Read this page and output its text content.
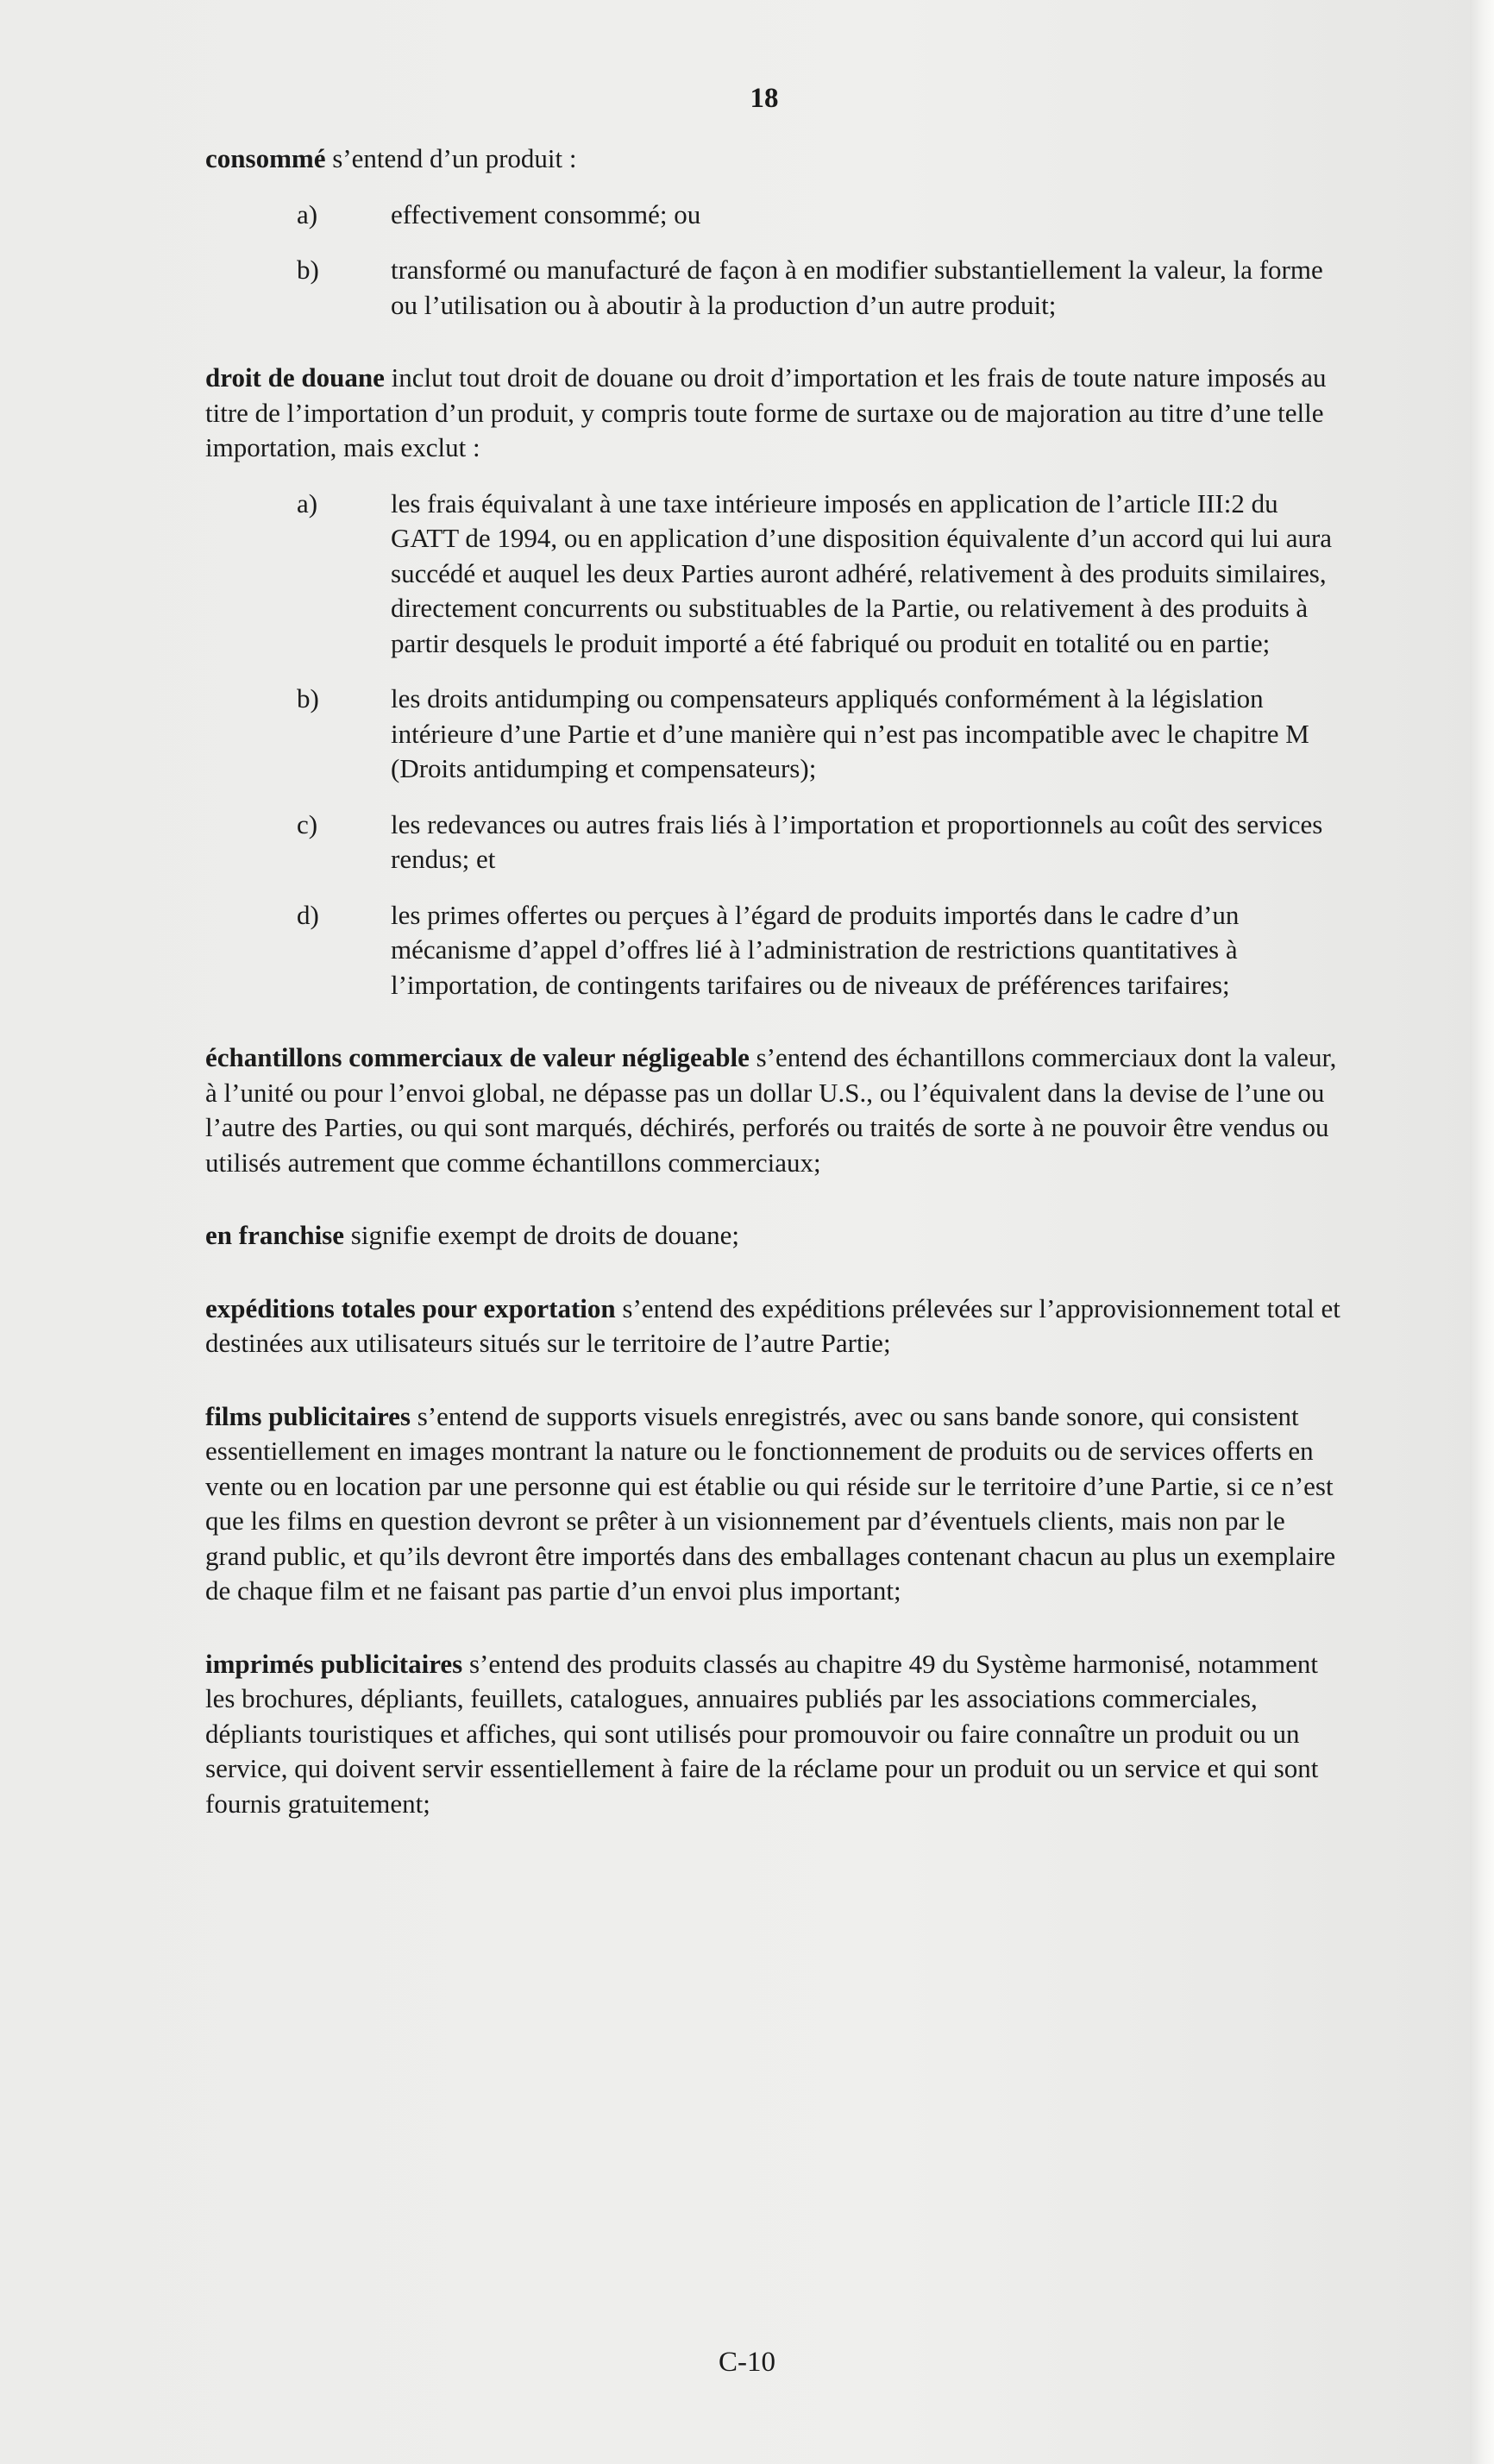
18

consommé s’entend d’un produit :

a)	effectivement consommé; ou
b)	transformé ou manufacturé de façon à en modifier substantiellement la valeur, la forme ou l’utilisation ou à aboutir à la production d’un autre produit;

droit de douane inclut tout droit de douane ou droit d’importation et les frais de toute nature imposés au titre de l’importation d’un produit, y compris toute forme de surtaxe ou de majoration au titre d’une telle importation, mais exclut :

a)	les frais équivalant à une taxe intérieure imposés en application de l’article III:2 du GATT de 1994, ou en application d’une disposition équivalente d’un accord qui lui aura succédé et auquel les deux Parties auront adhéré, relativement à des produits similaires, directement concurrents ou substituables de la Partie, ou relativement à des produits à partir desquels le produit importé a été fabriqué ou produit en totalité ou en partie;
b)	les droits antidumping ou compensateurs appliqués conformément à la législation intérieure d’une Partie et d’une manière qui n’est pas incompatible avec le chapitre M (Droits antidumping et compensateurs);
c)	les redevances ou autres frais liés à l’importation et proportionnels au coût des services rendus; et
d)	les primes offertes ou perçues à l’égard de produits importés dans le cadre d’un mécanisme d’appel d’offres lié à l’administration de restrictions quantitatives à l’importation, de contingents tarifaires ou de niveaux de préférences tarifaires;

échantillons commerciaux de valeur négligeable s’entend des échantillons commerciaux dont la valeur, à l’unité ou pour l’envoi global, ne dépasse pas un dollar U.S., ou l’équivalent dans la devise de l’une ou l’autre des Parties, ou qui sont marqués, déchirés, perforés ou traités de sorte à ne pouvoir être vendus ou utilisés autrement que comme échantillons commerciaux;

en franchise signifie exempt de droits de douane;

expéditions totales pour exportation s’entend des expéditions prélevées sur l’approvisionnement total et destinées aux utilisateurs situés sur le territoire de l’autre Partie;

films publicitaires s’entend de supports visuels enregistrés, avec ou sans bande sonore, qui consistent essentiellement en images montrant la nature ou le fonctionnement de produits ou de services offerts en vente ou en location par une personne qui est établie ou qui réside sur le territoire d’une Partie, si ce n’est que les films en question devront se prêter à un visionnement par d’éventuels clients, mais non par le grand public, et qu’ils devront être importés dans des emballages contenant chacun au plus un exemplaire de chaque film et ne faisant pas partie d’un envoi plus important;

imprimés publicitaires s’entend des produits classés au chapitre 49 du Système harmonisé, notamment les brochures, dépliants, feuillets, catalogues, annuaires publiés par les associations commerciales, dépliants touristiques et affiches, qui sont utilisés pour promouvoir ou faire connaître un produit ou un service, qui doivent servir essentiellement à faire de la réclame pour un produit ou un service et qui sont fournis gratuitement;

C-10
